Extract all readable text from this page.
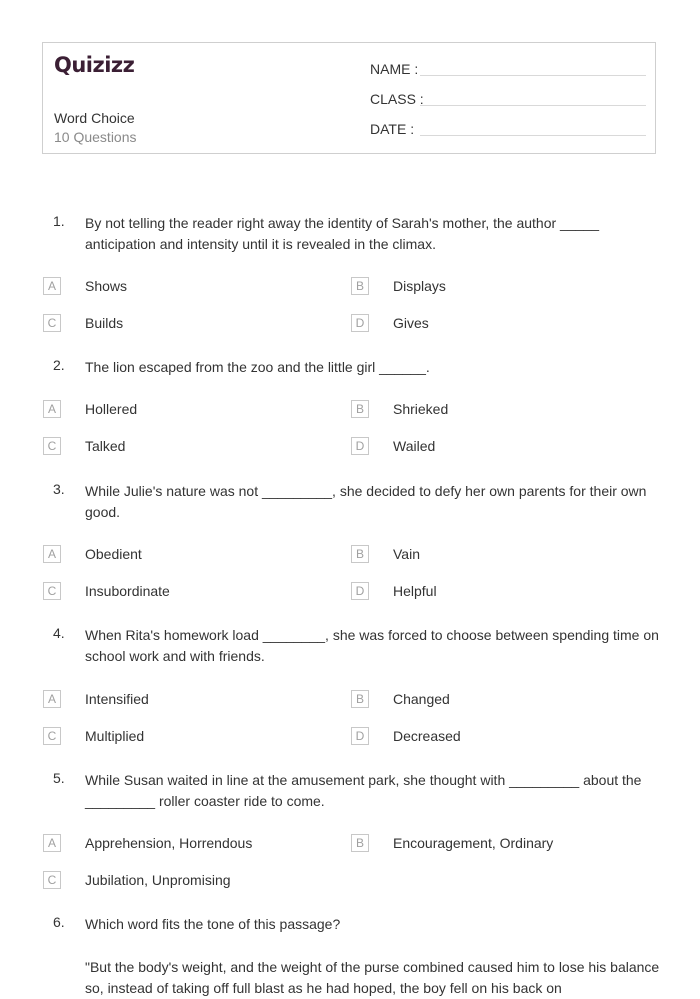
Quizizz
Word Choice
10 Questions
NAME :
CLASS :
DATE :
1. By not telling the reader right away the identity of Sarah's mother, the author _____ anticipation and intensity until it is revealed in the climax.
A	Shows	B	Displays
C	Builds	D	Gives
2. The lion escaped from the zoo and the little girl ______.
A	Hollered	B	Shrieked
C	Talked	D	Wailed
3. While Julie's nature was not _________, she decided to defy her own parents for their own good.
A	Obedient	B	Vain
C	Insubordinate	D	Helpful
4. When Rita's homework load ________, she was forced to choose between spending time on school work and with friends.
A	Intensified	B	Changed
C	Multiplied	D	Decreased
5. While Susan waited in line at the amusement park, she thought with _________ about the _________ roller coaster ride to come.
A	Apprehension, Horrendous	B	Encouragement, Ordinary
C	Jubilation, Unpromising
6. Which word fits the tone of this passage?
"But the body's weight, and the weight of the purse combined caused him to lose his balance so, instead of taking off full blast as he had hoped, the boy fell on his back on
